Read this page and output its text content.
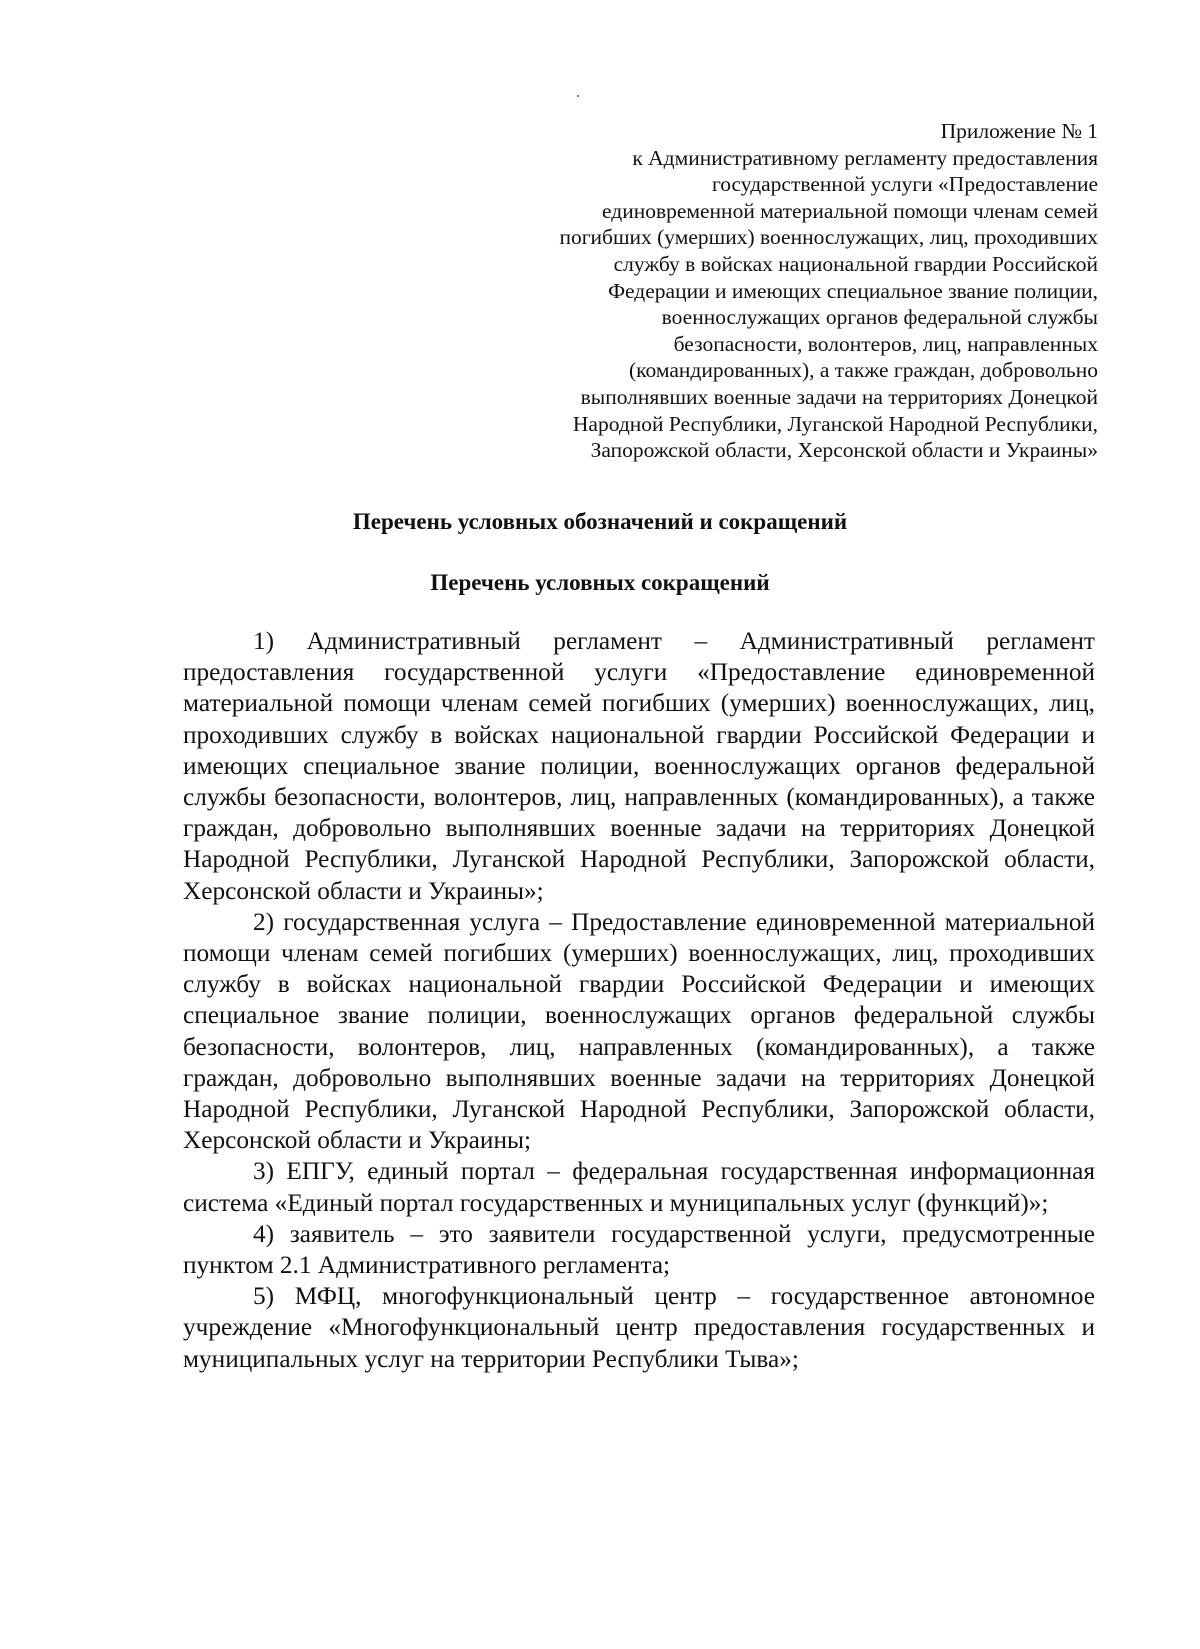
Приложение № 1
к Административному регламенту предоставления
государственной услуги «Предоставление
единовременной материальной помощи членам семей
погибших (умерших) военнослужащих, лиц, проходивших
службу в войсках национальной гвардии Российской
Федерации и имеющих специальное звание полиции,
военнослужащих органов федеральной службы
безопасности, волонтеров, лиц, направленных
(командированных), а также граждан, добровольно
выполнявших военные задачи на территориях Донецкой
Народной Республики, Луганской Народной Республики,
Запорожской области, Херсонской области и Украины»
Перечень условных обозначений и сокращений
Перечень условных сокращений

1) Административный регламент – Административный регламент предоставления государственной услуги «Предоставление единовременной материальной помощи членам семей погибших (умерших) военнослужащих, лиц, проходивших службу в войсках национальной гвардии Российской Федерации и имеющих специальное звание полиции, военнослужащих органов федеральной службы безопасности, волонтеров, лиц, направленных (командированных), а также граждан, добровольно выполнявших военные задачи на территориях Донецкой Народной Республики, Луганской Народной Республики, Запорожской области, Херсонской области и Украины»;

2) государственная услуга – Предоставление единовременной материальной помощи членам семей погибших (умерших) военнослужащих, лиц, проходивших службу в войсках национальной гвардии Российской Федерации и имеющих специальное звание полиции, военнослужащих органов федеральной службы безопасности, волонтеров, лиц, направленных (командированных), а также граждан, добровольно выполнявших военные задачи на территориях Донецкой Народной Республики, Луганской Народной Республики, Запорожской области, Херсонской области и Украины;

3) ЕПГУ, единый портал – федеральная государственная информационная система «Единый портал государственных и муниципальных услуг (функций)»;

4) заявитель – это заявители государственной услуги, предусмотренные пунктом 2.1 Административного регламента;

5) МФЦ, многофункциональный центр – государственное автономное учреждение «Многофункциональный центр предоставления государственных и муниципальных услуг на территории Республики Тыва»;
